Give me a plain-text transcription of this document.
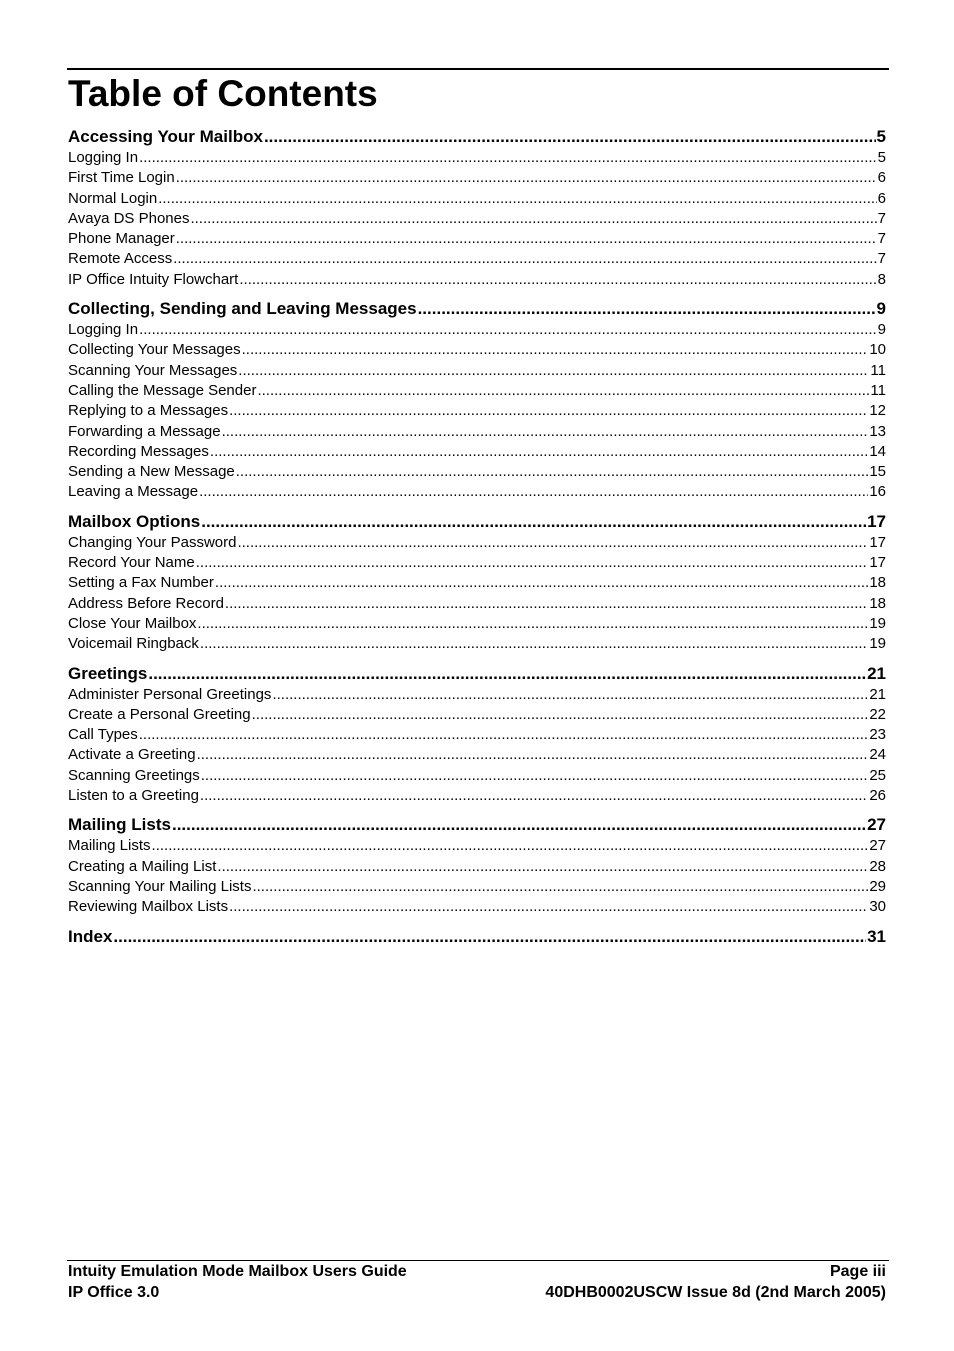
Table of Contents
Accessing Your Mailbox .....	5
Logging In .....	5
First Time Login .....	6
Normal Login .....	6
Avaya DS Phones .....	7
Phone Manager .....	7
Remote Access .....	7
IP Office Intuity Flowchart .....	8
Collecting, Sending and Leaving Messages .....	9
Logging In .....	9
Collecting Your Messages .....	10
Scanning Your Messages .....	11
Calling the Message Sender .....	11
Replying to a Messages .....	12
Forwarding a Message .....	13
Recording Messages .....	14
Sending a New Message .....	15
Leaving a Message .....	16
Mailbox Options .....	17
Changing Your Password .....	17
Record Your Name .....	17
Setting a Fax Number .....	18
Address Before Record .....	18
Close Your Mailbox .....	19
Voicemail Ringback .....	19
Greetings .....	21
Administer Personal Greetings .....	21
Create a Personal Greeting .....	22
Call Types .....	23
Activate a Greeting .....	24
Scanning Greetings .....	25
Listen to a Greeting .....	26
Mailing Lists .....	27
Mailing Lists .....	27
Creating a Mailing List .....	28
Scanning Your Mailing Lists .....	29
Reviewing Mailbox Lists .....	30
Index .....	31
Intuity Emulation Mode Mailbox Users Guide	Page iii
IP Office 3.0	40DHB0002USCW Issue 8d (2nd March 2005)
